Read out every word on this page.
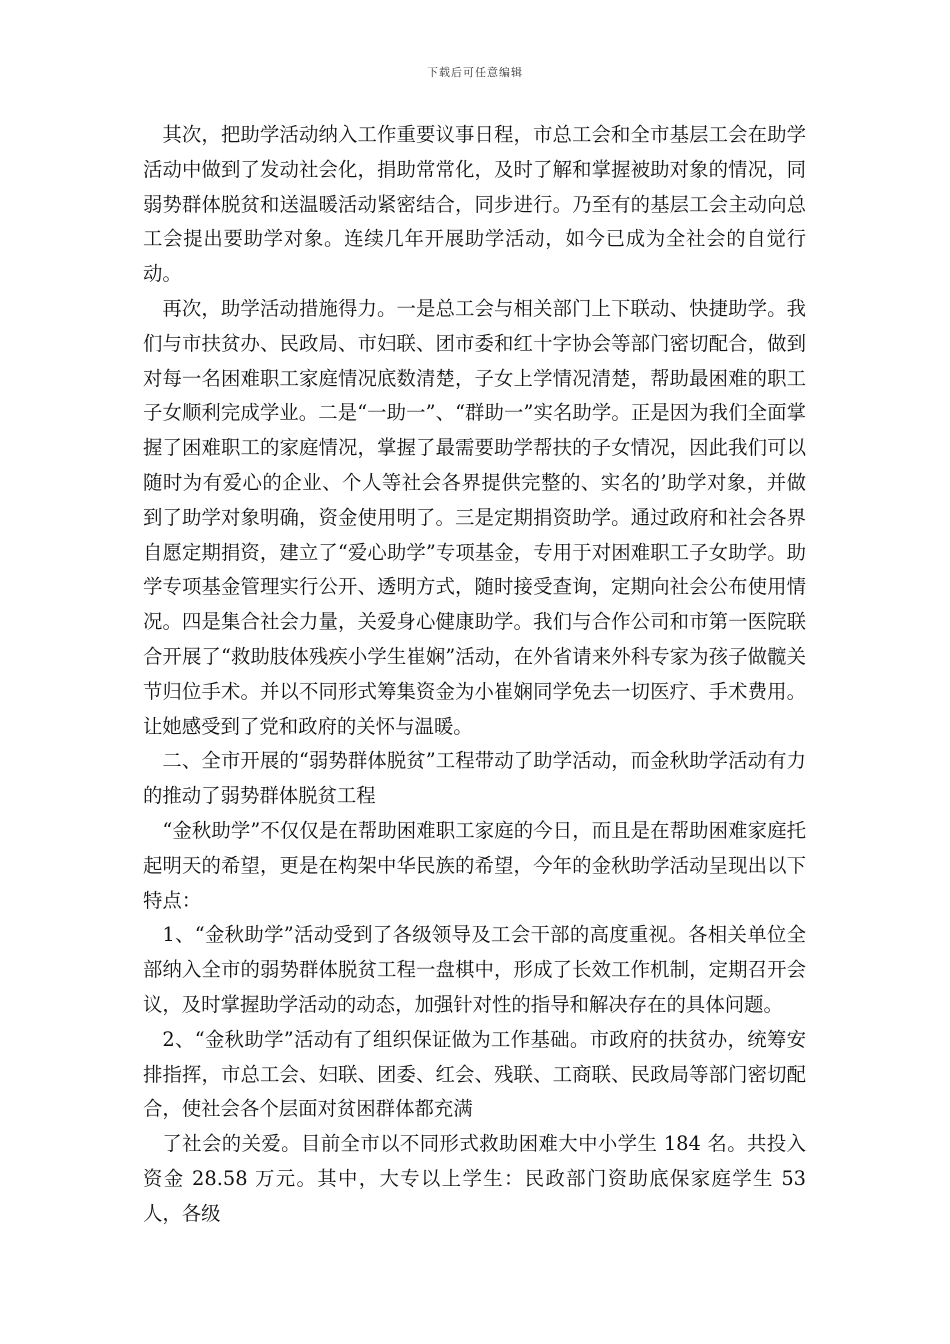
下载后可任意编辑

其次，把助学活动纳入工作重要议事日程，市总工会和全市基层工会在助学活动中做到了发动社会化，捐助常常化，及时了解和掌握被助对象的情况，同弱势群体脱贫和送温暖活动紧密结合，同步进行。乃至有的基层工会主动向总工会提出要助学对象。连续几年开展助学活动，如今已成为全社会的自觉行动。

再次，助学活动措施得力。一是总工会与相关部门上下联动、快捷助学。我们与市扶贫办、民政局、市妇联、团市委和红十字协会等部门密切配合，做到对每一名困难职工家庭情况底数清楚，子女上学情况清楚，帮助最困难的职工子女顺利完成学业。二是“一助一”、“群助一”实名助学。正是因为我们全面掌握了困难职工的家庭情况，掌握了最需要助学帮扶的子女情况，因此我们可以随时为有爱心的企业、个人等社会各界提供完整的、实名的’助学对象，并做到了助学对象明确，资金使用明了。三是定期捐资助学。通过政府和社会各界自愿定期捐资，建立了“爱心助学”专项基金，专用于对困难职工子女助学。助学专项基金管理实行公开、透明方式，随时接受查询，定期向社会公布使用情况。四是集合社会力量，关爱身心健康助学。我们与合作公司和市第一医院联合开展了“救助肢体残疾小学生崔娴”活动，在外省请来外科专家为孩子做髋关节归位手术。并以不同形式筹集资金为小崔娴同学免去一切医疗、手术费用。让她感受到了党和政府的关怀与温暖。

二、全市开展的“弱势群体脱贫”工程带动了助学活动，而金秋助学活动有力的推动了弱势群体脱贫工程

“金秋助学”不仅仅是在帮助困难职工家庭的今日，而且是在帮助困难家庭托起明天的希望，更是在构架中华民族的希望，今年的金秋助学活动呈现出以下特点：

1、“金秋助学”活动受到了各级领导及工会干部的高度重视。各相关单位全部纳入全市的弱势群体脱贫工程一盘棋中，形成了长效工作机制，定期召开会议，及时掌握助学活动的动态，加强针对性的指导和解决存在的具体问题。

2、“金秋助学”活动有了组织保证做为工作基础。市政府的扶贫办，统筹安排指挥，市总工会、妇联、团委、红会、残联、工商联、民政局等部门密切配合，使社会各个层面对贫困群体都充满

了社会的关爱。目前全市以不同形式救助困难大中小学生 184 名。共投入资金 28.58 万元。其中，大专以上学生：民政部门资助底保家庭学生 53 人，各级
